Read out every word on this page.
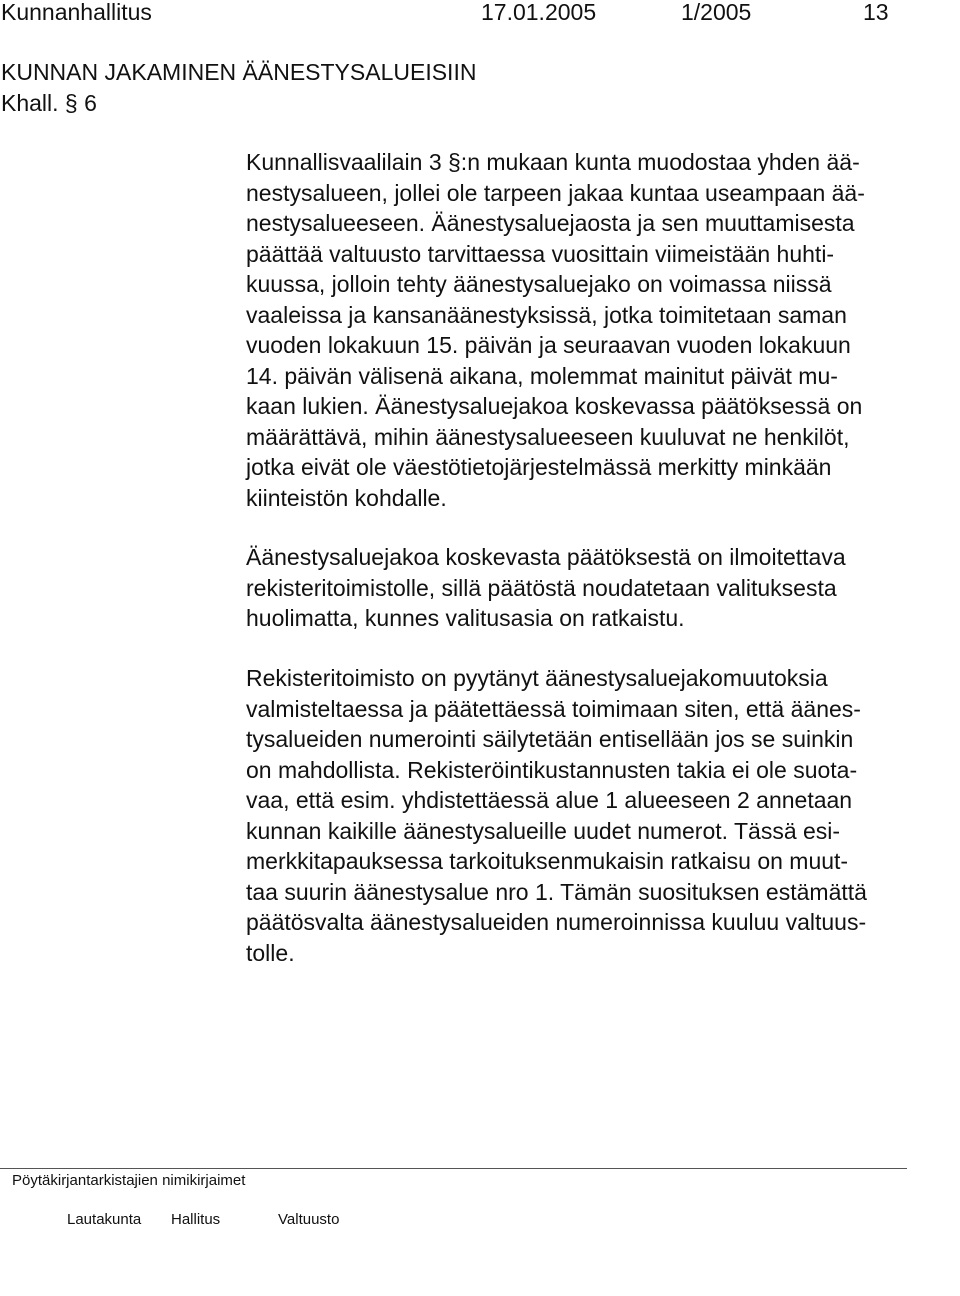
Kunnanhallitus	17.01.2005	1/2005	13
KUNNAN JAKAMINEN ÄÄNESTYSALUEISIIN
Khall. § 6

Kunnallisvaalilain 3 §:n mukaan kunta muodostaa yhden ää-
nestysalueen, jollei ole tarpeen jakaa kuntaa useampaan ää-
nestysalueeseen. Äänestysaluejaosta ja sen muuttamisesta
päättää valtuusto tarvittaessa vuosittain viimeistään huhti-
kuussa, jolloin tehty äänestysaluejako on voimassa niissä
vaaleissa ja kansanäänestyksissä, jotka toimitetaan saman
vuoden lokakuun 15. päivän ja seuraavan vuoden lokakuun
14. päivän välisenä aikana, molemmat mainitut päivät mu-
kaan lukien. Äänestysaluejakoa koskevassa päätöksessä on
määrättävä, mihin äänestysalueeseen kuuluvat ne henkilöt,
jotka eivät ole väestötietojärjestelmässä merkitty minkään
kiinteistön kohdalle.

Äänestysaluejakoa koskevasta päätöksestä on ilmoitettava
rekisteritoimistolle, sillä päätöstä noudatetaan valituksesta
huolimatta, kunnes valitusasia on ratkaistu.

Rekisteritoimisto on pyytänyt äänestysaluejakomuutoksia
valmisteltaessa ja päätettäessä toimimaan siten, että äänes-
tysalueiden numerointi säilytetään entisellään jos se suinkin
on mahdollista. Rekisteröintikustannusten takia ei ole suota-
vaa, että esim. yhdistettäessä alue 1 alueeseen 2 annetaan
kunnan kaikille äänestysalueille uudet numerot. Tässä esi-
merkkitapauksessa tarkoituksenmukaisin ratkaisu on muut-
taa suurin äänestysalue nro 1. Tämän suosituksen estämättä
päätösvalta äänestysalueiden numeroinnissa kuuluu valtuus-
tolle.

Pöytäkirjantarkistajien nimikirjaimet
Lautakunta Hallitus	Valtuusto
